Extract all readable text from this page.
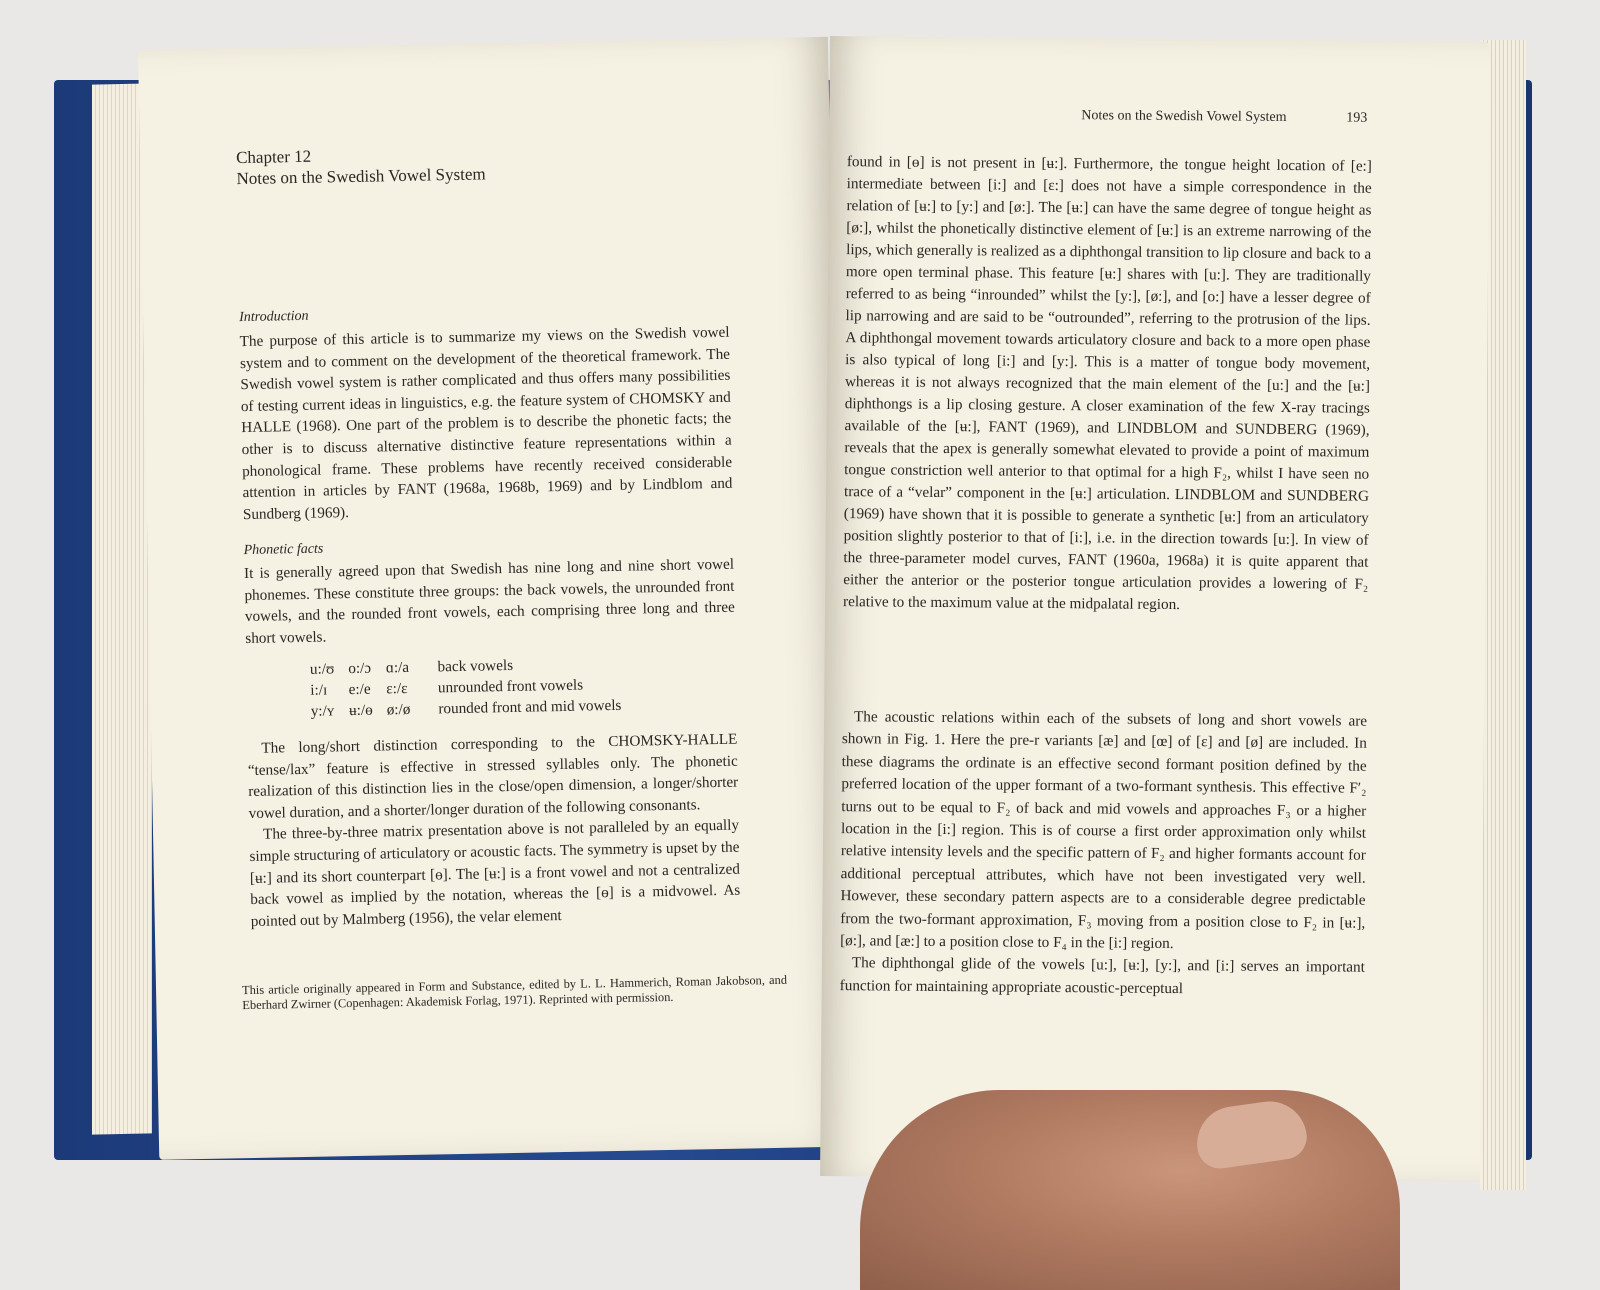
Chapter 12
Notes on the Swedish Vowel System
Introduction

The purpose of this article is to summarize my views on the Swedish vowel system and to comment on the development of the theoretical framework. The Swedish vowel system is rather complicated and thus offers many possibilities of testing current ideas in linguistics, e.g. the feature system of CHOMSKY and HALLE (1968). One part of the problem is to describe the phonetic facts; the other is to discuss alternative distinctive feature representations within a phonological frame. These problems have recently received considerable attention in articles by FANT (1968a, 1968b, 1969) and by Lindblom and Sundberg (1969).

Phonetic facts

It is generally agreed upon that Swedish has nine long and nine short vowel phonemes. These constitute three groups: the back vowels, the unrounded front vowels, and the rounded front vowels, each comprising three long and three short vowels.

u:/ʊ	o:/ɔ	ɑ:/a	back vowels
i:/ɪ	e:/e	ɛ:/ɛ	unrounded front vowels
y:/ʏ	ʉ:/ɵ	ø:/ø	rounded front and mid vowels

The long/short distinction corresponding to the CHOMSKY-HALLE “tense/lax” feature is effective in stressed syllables only. The phonetic realization of this distinction lies in the close/open dimension, a longer/shorter vowel duration, and a shorter/longer duration of the following consonants.

The three-by-three matrix presentation above is not paralleled by an equally simple structuring of articulatory or acoustic facts. The symmetry is upset by the [ʉ:] and its short counterpart [ɵ]. The [ʉ:] is a front vowel and not a centralized back vowel as implied by the notation, whereas the [ɵ] is a midvowel. As pointed out by Malmberg (1956), the velar element

This article originally appeared in Form and Substance, edited by L. L. Hammerich, Roman Jakobson, and Eberhard Zwirner (Copenhagen: Akademisk Forlag, 1971). Reprinted with permission.
Notes on the Swedish Vowel System	193

found in [ɵ] is not present in [ʉ:]. Furthermore, the tongue height location of [e:] intermediate between [i:] and [ɛ:] does not have a simple correspondence in the relation of [ʉ:] to [y:] and [ø:]. The [ʉ:] can have the same degree of tongue height as [ø:], whilst the phonetically distinctive element of [ʉ:] is an extreme narrowing of the lips, which generally is realized as a diphthongal transition to lip closure and back to a more open terminal phase. This feature [ʉ:] shares with [u:]. They are traditionally referred to as being “inrounded” whilst the [y:], [ø:], and [o:] have a lesser degree of lip narrowing and are said to be “outrounded”, referring to the protrusion of the lips. A diphthongal movement towards articulatory closure and back to a more open phase is also typical of long [i:] and [y:]. This is a matter of tongue body movement, whereas it is not always recognized that the main element of the [u:] and the [ʉ:] diphthongs is a lip closing gesture. A closer examination of the few X-ray tracings available of the [ʉ:], FANT (1969), and LINDBLOM and SUNDBERG (1969), reveals that the apex is generally somewhat elevated to provide a point of maximum tongue constriction well anterior to that optimal for a high F₂, whilst I have seen no trace of a “velar” component in the [ʉ:] articulation. LINDBLOM and SUNDBERG (1969) have shown that it is possible to generate a synthetic [ʉ:] from an articulatory position slightly posterior to that of [i:], i.e. in the direction towards [u:]. In view of the three-parameter model curves, FANT (1960a, 1968a) it is quite apparent that either the anterior or the posterior tongue articulation provides a lowering of F₂ relative to the maximum value at the midpalatal region.

The acoustic relations within each of the subsets of long and short vowels are shown in Fig. 1. Here the pre-r variants [æ] and [œ] of [ɛ] and [ø] are included. In these diagrams the ordinate is an effective second formant position defined by the preferred location of the upper formant of a two-formant synthesis. This effective F′₂ turns out to be equal to F₂ of back and mid vowels and approaches F₃ or a higher location in the [i:] region. This is of course a first order approximation only whilst relative intensity levels and the specific pattern of F₂ and higher formants account for additional perceptual attributes, which have not been investigated very well. However, these secondary pattern aspects are to a considerable degree predictable from the two-formant approximation, F₃ moving from a position close to F₂ in [ʉ:], [ø:], and [æ:] to a position close to F₄ in the [i:] region.

The diphthongal glide of the vowels [u:], [ʉ:], [y:], and [i:] serves an important function for maintaining appropriate acoustic-perceptual
